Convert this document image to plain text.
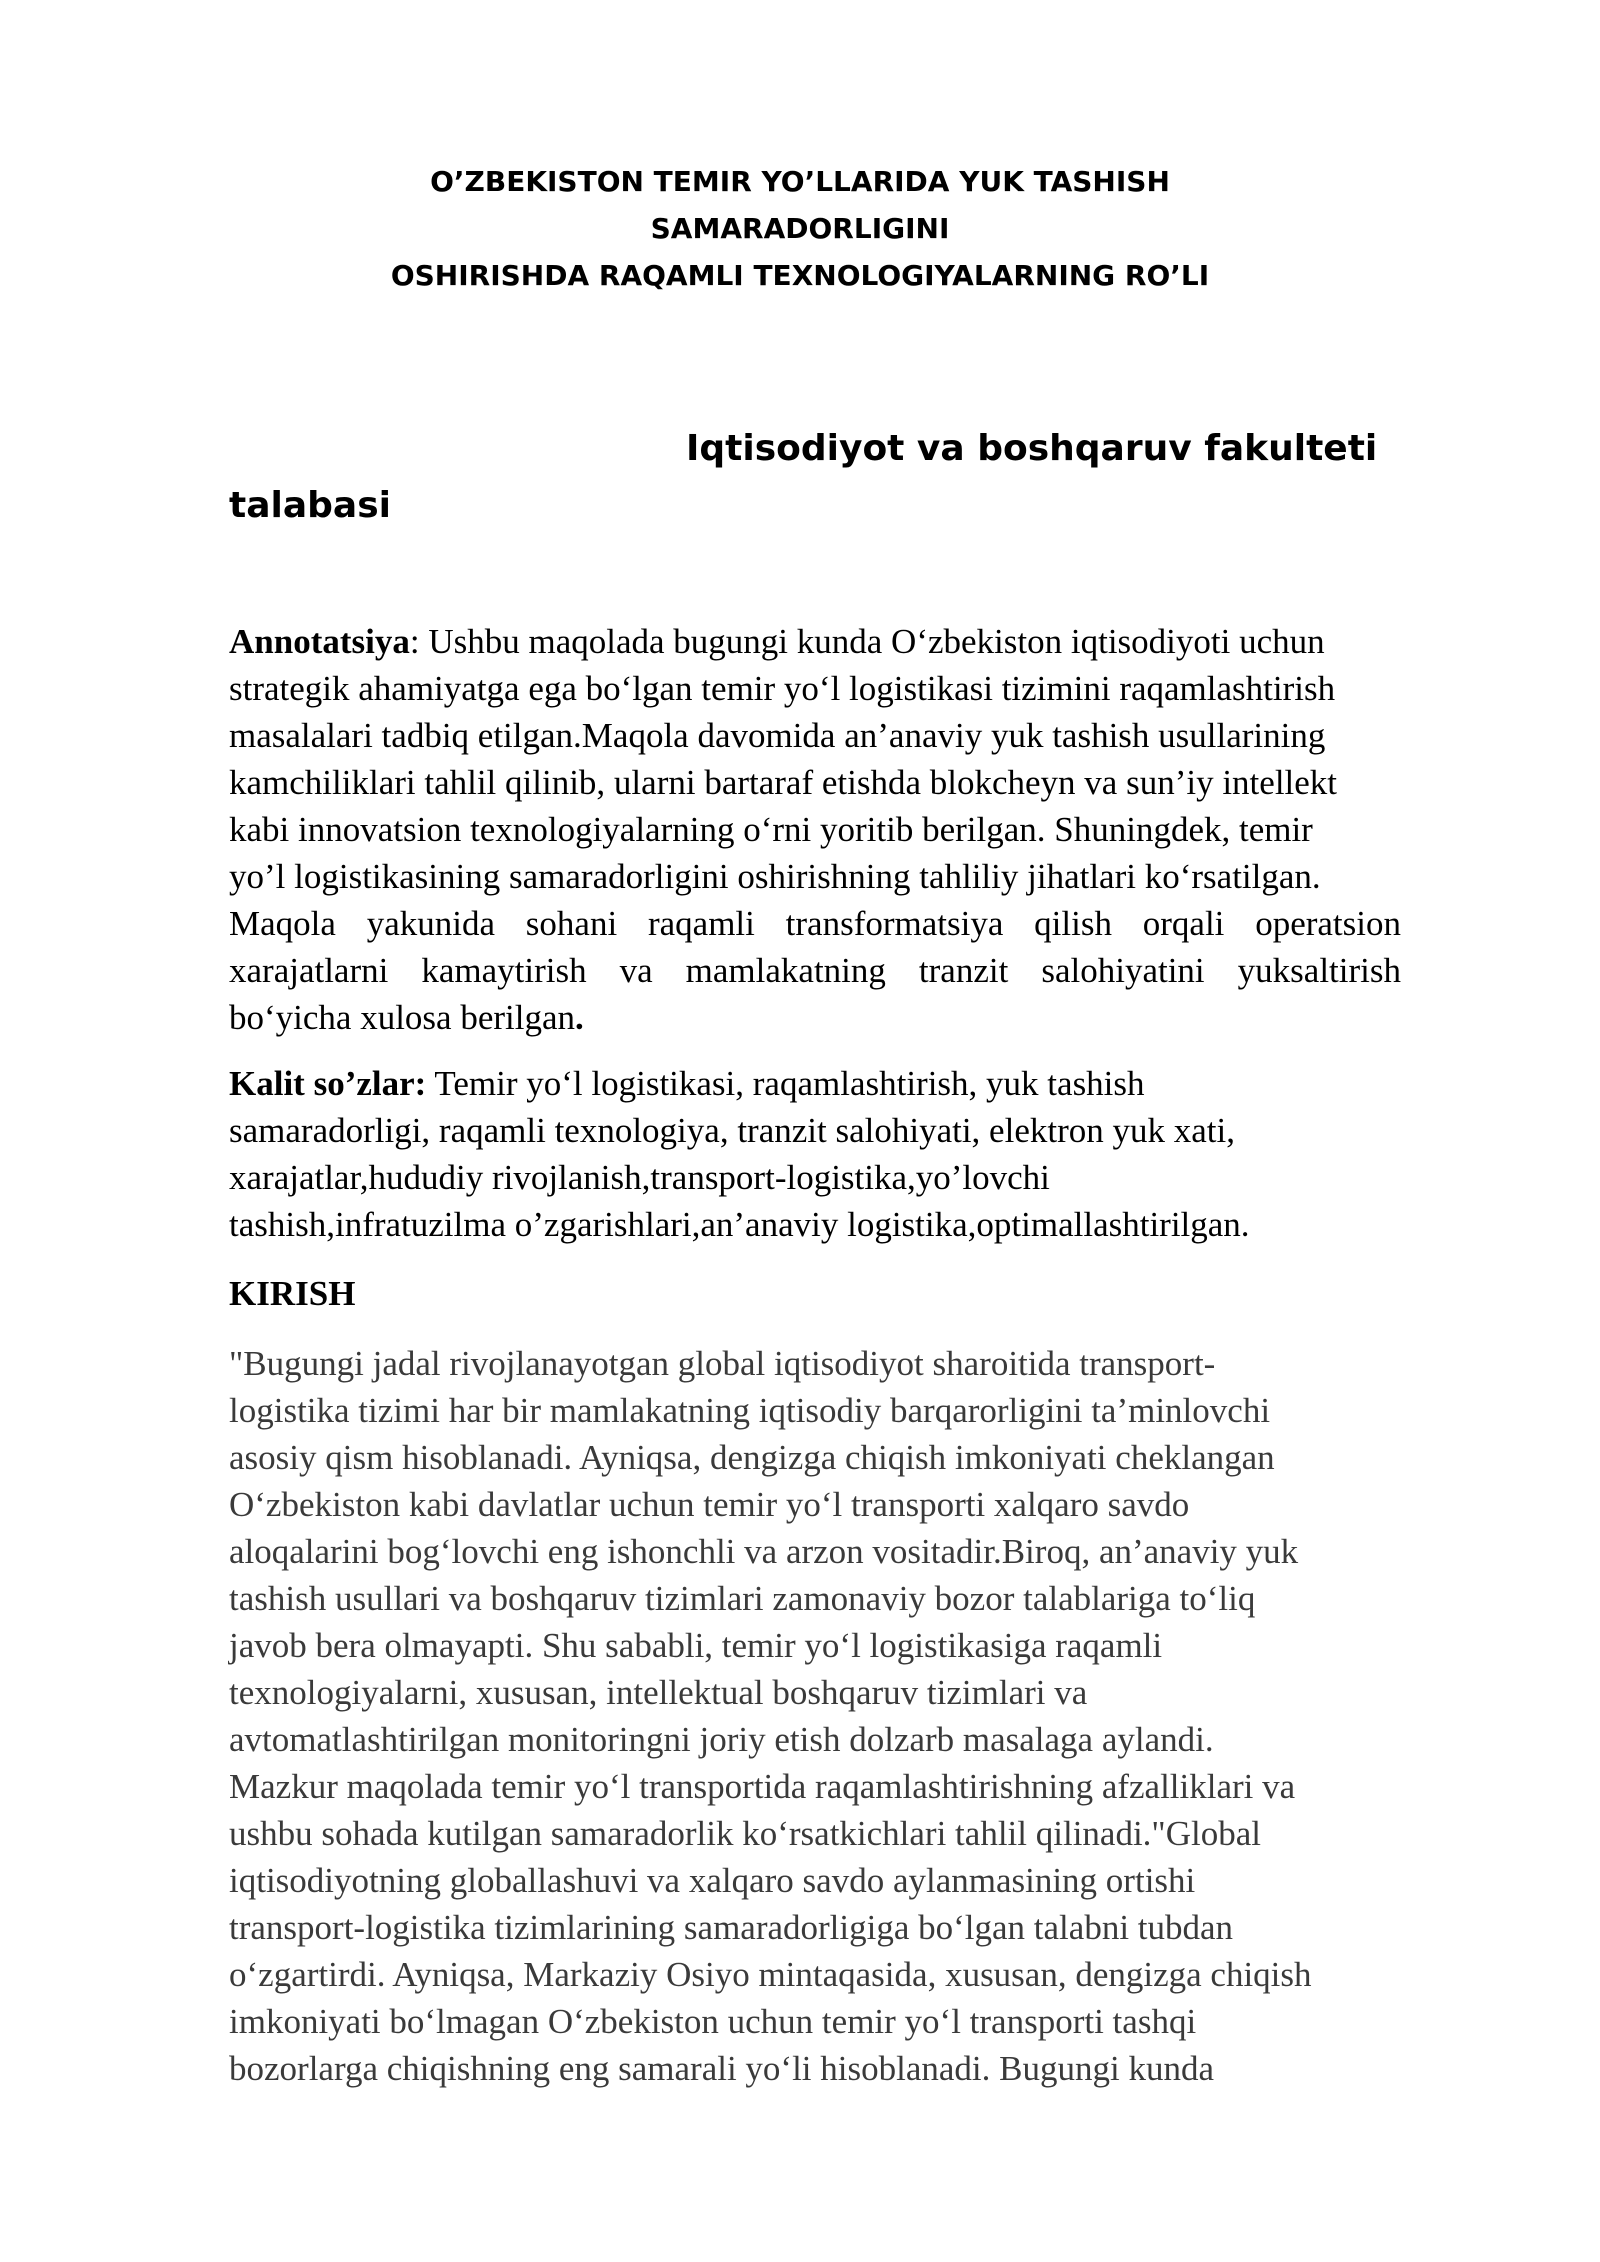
O’ZBEKISTON TEMIR YO’LLARIDA YUK TASHISH SAMARADORLIGINI
OSHIRISHDA RAQAMLI TEXNOLOGIYALARNING RO’LI
Iqtisodiyot va boshqaruv fakulteti
talabasi
Annotatsiya: Ushbu maqolada bugungi kunda O‘zbekiston iqtisodiyoti uchun
strategik ahamiyatga ega bo‘lgan temir yo‘l logistikasi tizimini raqamlashtirish
masalalari tadbiq etilgan.Maqola davomida an’anaviy yuk tashish usullarining
kamchiliklari tahlil qilinib, ularni bartaraf etishda blokcheyn va sun’iy intellekt
kabi innovatsion texnologiyalarning o‘rni yoritib berilgan. Shuningdek, temir
yo’l logistikasining samaradorligini oshirishning tahliliy jihatlari ko‘rsatilgan.
Maqola yakunida sohani raqamli transformatsiya qilish orqali operatsion
xarajatlarni kamaytirish va mamlakatning tranzit salohiyatini yuksaltirish
bo‘yicha xulosa berilgan.
Kalit so’zlar: Temir yo‘l logistikasi, raqamlashtirish, yuk tashish
samaradorligi, raqamli texnologiya, tranzit salohiyati, elektron yuk xati,
xarajatlar,hududiy rivojlanish,transport-logistika,yo’lovchi
tashish,infratuzilma o’zgarishlari,an’anaviy logistika,optimallashtirilgan.
KIRISH
"Bugungi jadal rivojlanayotgan global iqtisodiyot sharoitida transport-
logistika tizimi har bir mamlakatning iqtisodiy barqarorligini ta’minlovchi
asosiy qism hisoblanadi. Ayniqsa, dengizga chiqish imkoniyati cheklangan
O‘zbekiston kabi davlatlar uchun temir yo‘l transporti xalqaro savdo
aloqalarini bog‘lovchi eng ishonchli va arzon vositadir.Biroq, an’anaviy yuk
tashish usullari va boshqaruv tizimlari zamonaviy bozor talablariga to‘liq
javob bera olmayapti. Shu sababli, temir yo‘l logistikasiga raqamli
texnologiyalarni, xususan, intellektual boshqaruv tizimlari va
avtomatlashtirilgan monitoringni joriy etish dolzarb masalaga aylandi.
Mazkur maqolada temir yo‘l transportida raqamlashtirishning afzalliklari va
ushbu sohada kutilgan samaradorlik ko‘rsatkichlari tahlil qilinadi."Global
iqtisodiyotning globallashuvi va xalqaro savdo aylanmasining ortishi
transport-logistika tizimlarining samaradorligiga bo‘lgan talabni tubdan
o‘zgartirdi. Ayniqsa, Markaziy Osiyo mintaqasida, xususan, dengizga chiqish
imkoniyati bo‘lmagan O‘zbekiston uchun temir yo‘l transporti tashqi
bozorlarga chiqishning eng samarali yo‘li hisoblanadi. Bugungi kunda
